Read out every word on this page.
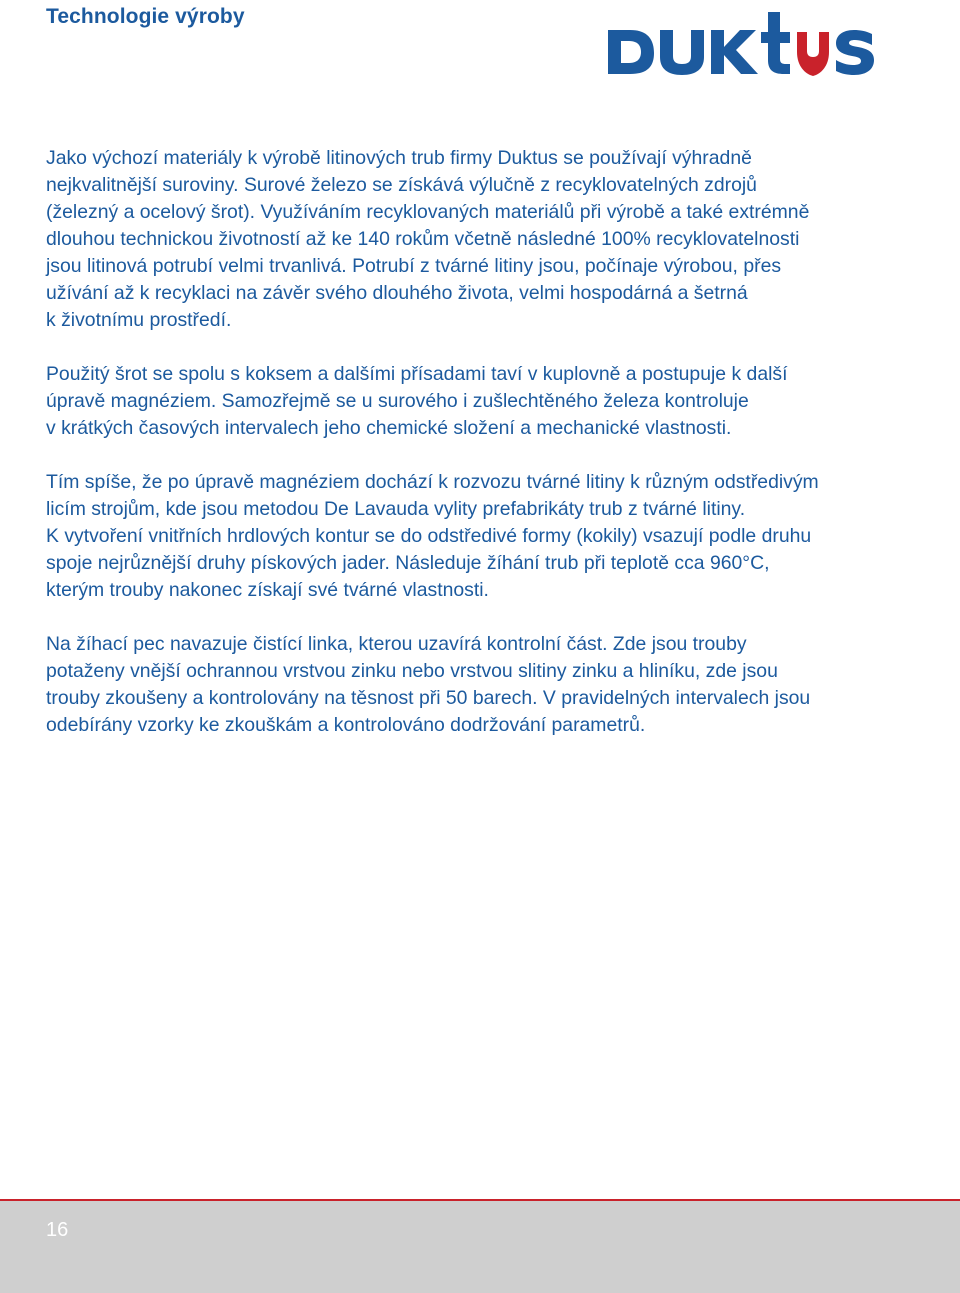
Technologie výroby

Jako výchozí materiály k výrobě litinových trub firmy Duktus se používají výhradně
nejkvalitnější suroviny. Surové železo se získává výlučně z recyklovatelných zdrojů
(železný a ocelový šrot). Využíváním recyklovaných materiálů při výrobě a také extrémně
dlouhou technickou životností až ke 140 rokům včetně následné 100% recyklovatelnosti
jsou litinová potrubí velmi trvanlivá. Potrubí z tvárné litiny jsou, počínaje výrobou, přes
užívání až k recyklaci na závěr svého dlouhého života, velmi hospodárná a šetrná
k životnímu prostředí.

Použitý šrot se spolu s koksem a dalšími přísadami taví v kuplovně a postupuje k další
úpravě magnéziem. Samozřejmě se u surového i zušlechtěného železa kontroluje
v krátkých časových intervalech jeho chemické složení a mechanické vlastnosti.

Tím spíše, že po úpravě magnéziem dochází k rozvozu tvárné litiny k různým odstředivým
licím strojům, kde jsou metodou De Lavauda vylity prefabrikáty trub z tvárné litiny.
K vytvoření vnitřních hrdlových kontur se do odstředivé formy (kokily) vsazují podle druhu
spoje nejrůznější druhy pískových jader. Následuje žíhání trub při teplotě cca 960°C,
kterým trouby nakonec získají své tvárné vlastnosti.

Na žíhací pec navazuje čistící linka, kterou uzavírá kontrolní část. Zde jsou trouby
potaženy vnější ochrannou vrstvou zinku nebo vrstvou slitiny zinku a hliníku, zde jsou
trouby zkoušeny a kontrolovány na těsnost při 50 barech. V pravidelných intervalech jsou
odebírány vzorky ke zkouškám a kontrolováno dodržování parametrů.

16
